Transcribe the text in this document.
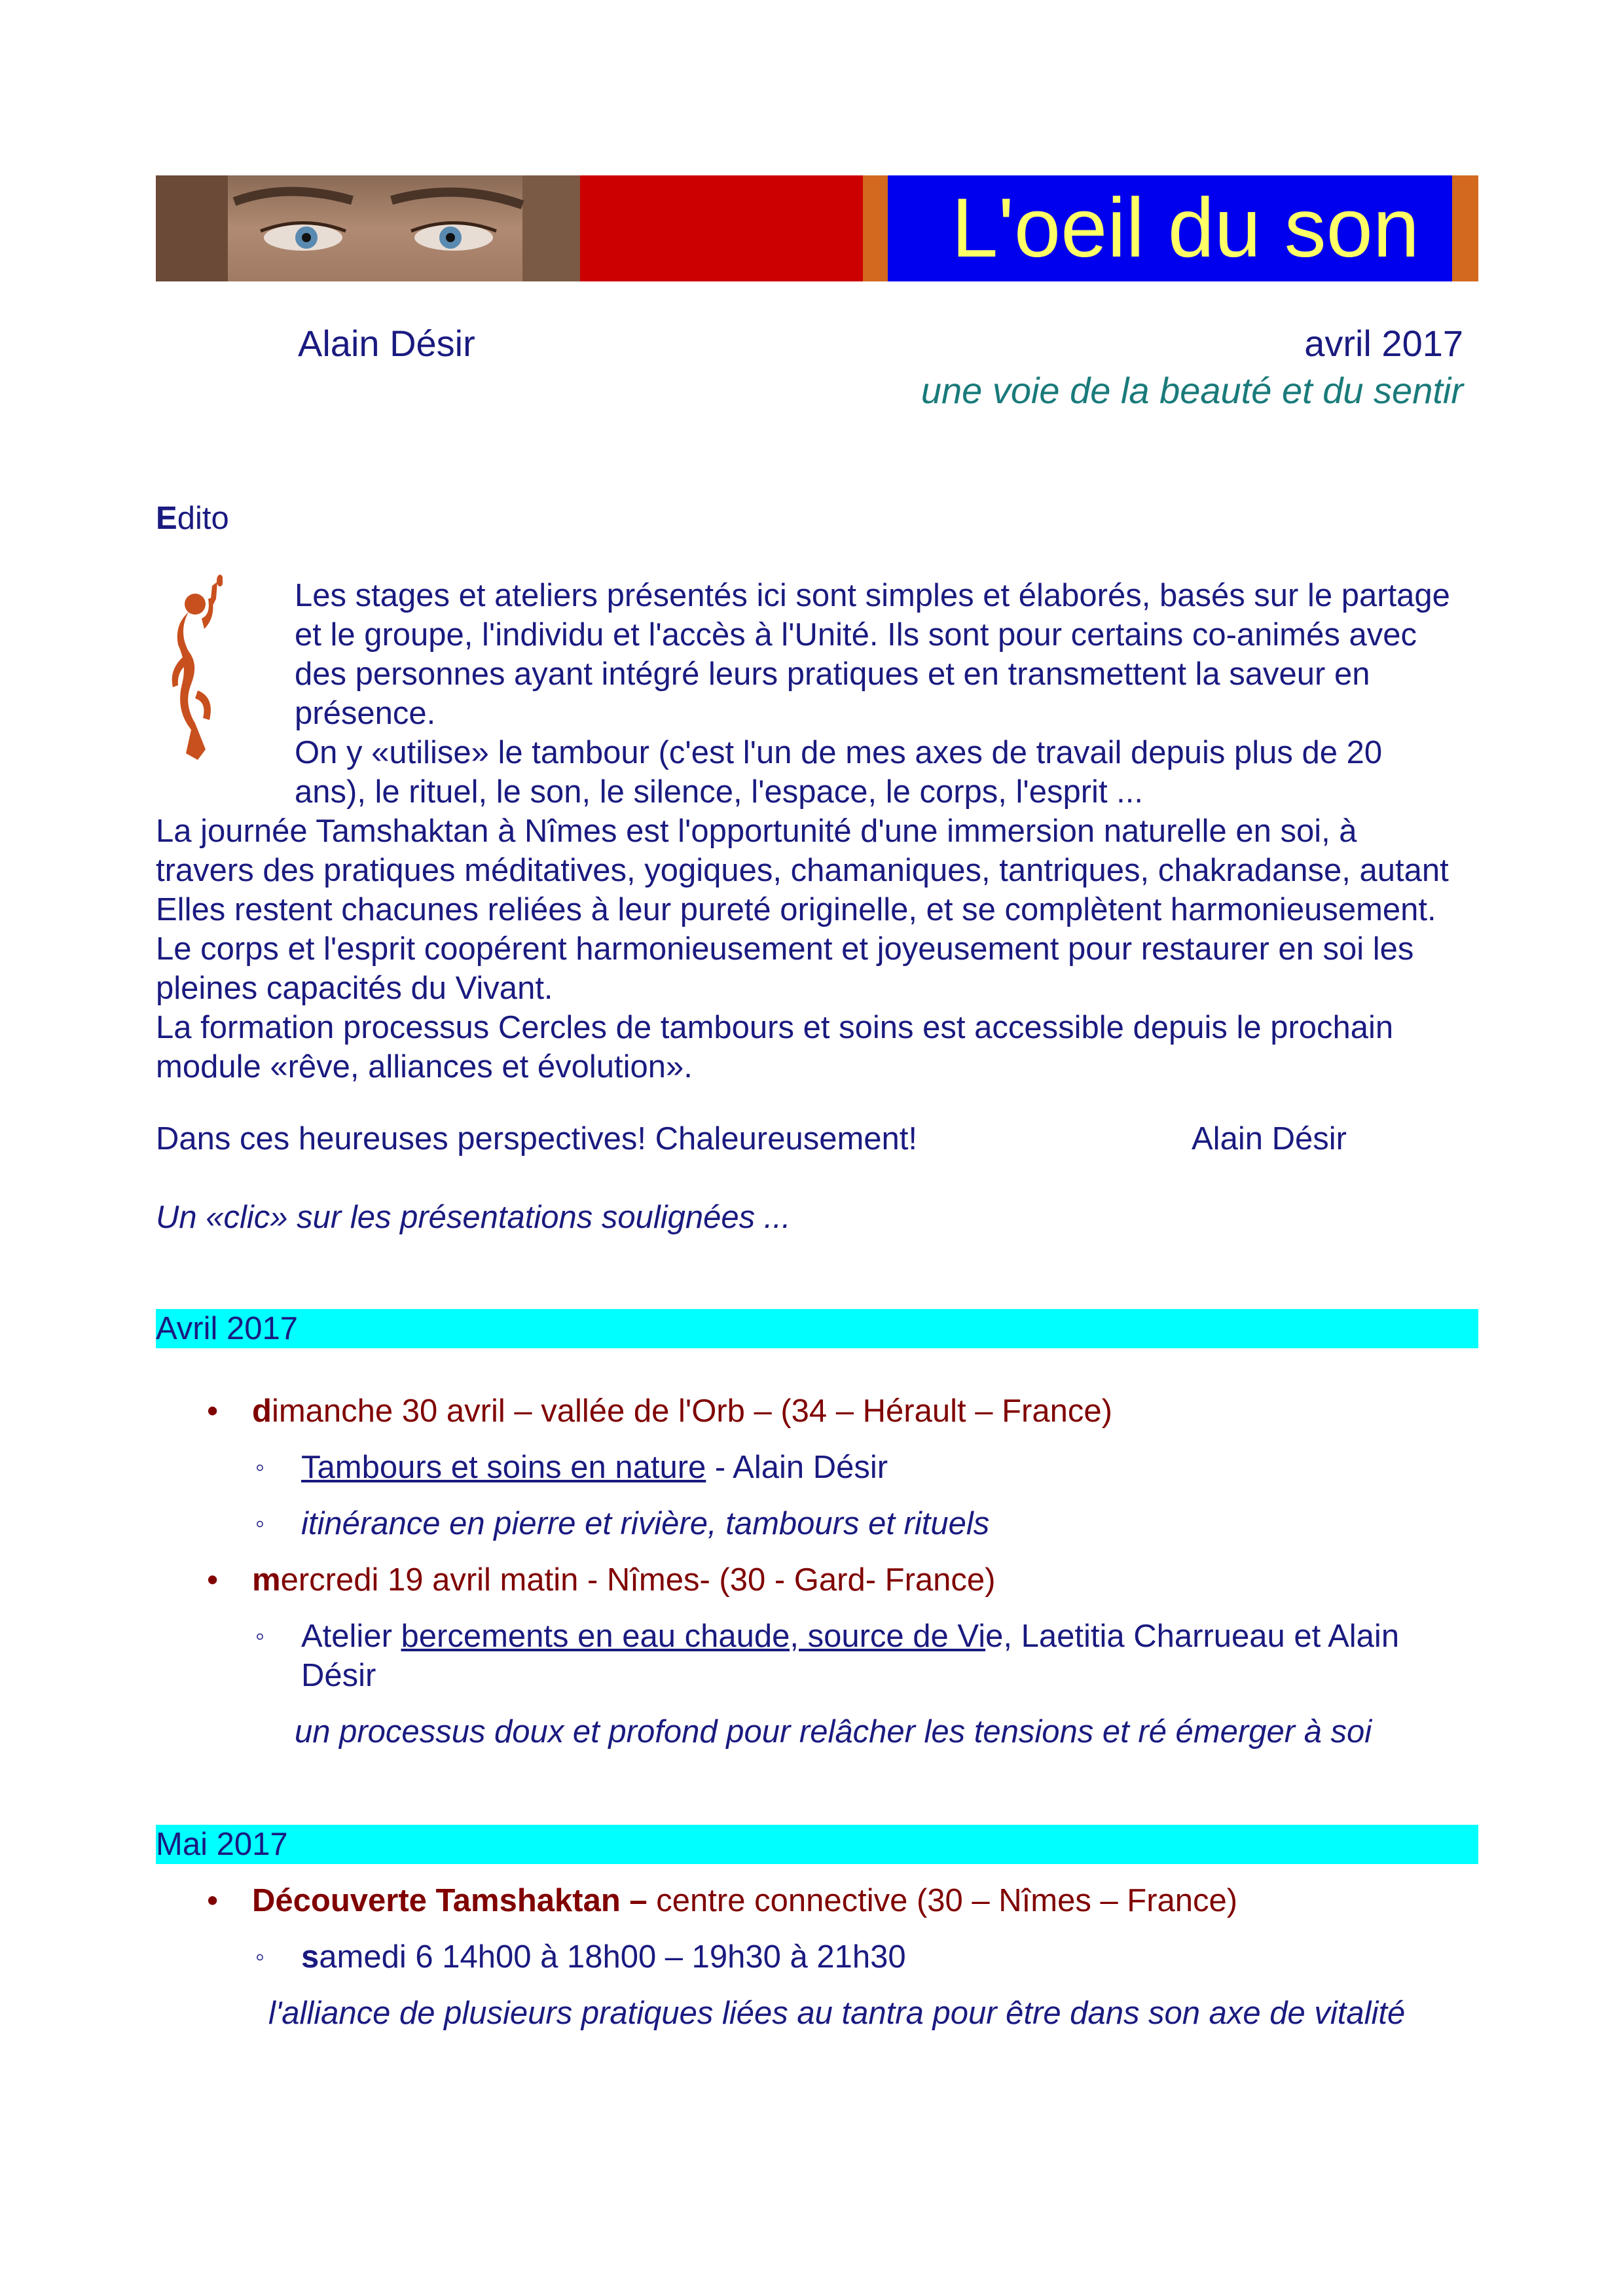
L'oeil du son
Alain Désir	avril 2017
une voie de la beauté et du sentir
Edito
Les stages et ateliers présentés ici sont simples et élaborés, basés sur le partage
et le groupe, l'individu et l'accès à l'Unité. Ils sont pour certains co-animés avec
des personnes ayant intégré leurs pratiques et en transmettent la saveur en
présence.
On y «utilise» le tambour (c'est l'un de mes axes de travail depuis plus de 20
ans), le rituel, le son, le silence, l'espace, le corps, l'esprit ...
La journée Tamshaktan à Nîmes est l'opportunité d'une immersion naturelle en soi, à
travers des pratiques méditatives, yogiques, chamaniques, tantriques, chakradanse, autant
Elles restent chacunes reliées à leur pureté originelle, et se complètent harmonieusement.
Le corps et l'esprit coopérent harmonieusement et joyeusement pour restaurer en soi les
pleines capacités du Vivant.
La formation processus Cercles de tambours et soins est accessible depuis le prochain
module «rêve, alliances et évolution».
Dans ces heureuses perspectives! Chaleureusement!	Alain Désir
Un «clic» sur les présentations soulignées ...
Avril 2017
• dimanche 30 avril – vallée de l'Orb – (34 – Hérault – France)
◦ Tambours et soins en nature - Alain Désir
◦ itinérance en pierre et rivière, tambours et rituels
• mercredi 19 avril matin - Nîmes- (30 - Gard- France)
◦ Atelier bercements en eau chaude, source de Vie, Laetitia Charrueau et Alain
Désir
un processus doux et profond pour relâcher les tensions et ré émerger à soi
Mai 2017
• Découverte Tamshaktan – centre connective (30 – Nîmes – France)
◦ samedi 6 14h00 à 18h00 – 19h30 à 21h30
l'alliance de plusieurs pratiques liées au tantra pour être dans son axe de vitalité
